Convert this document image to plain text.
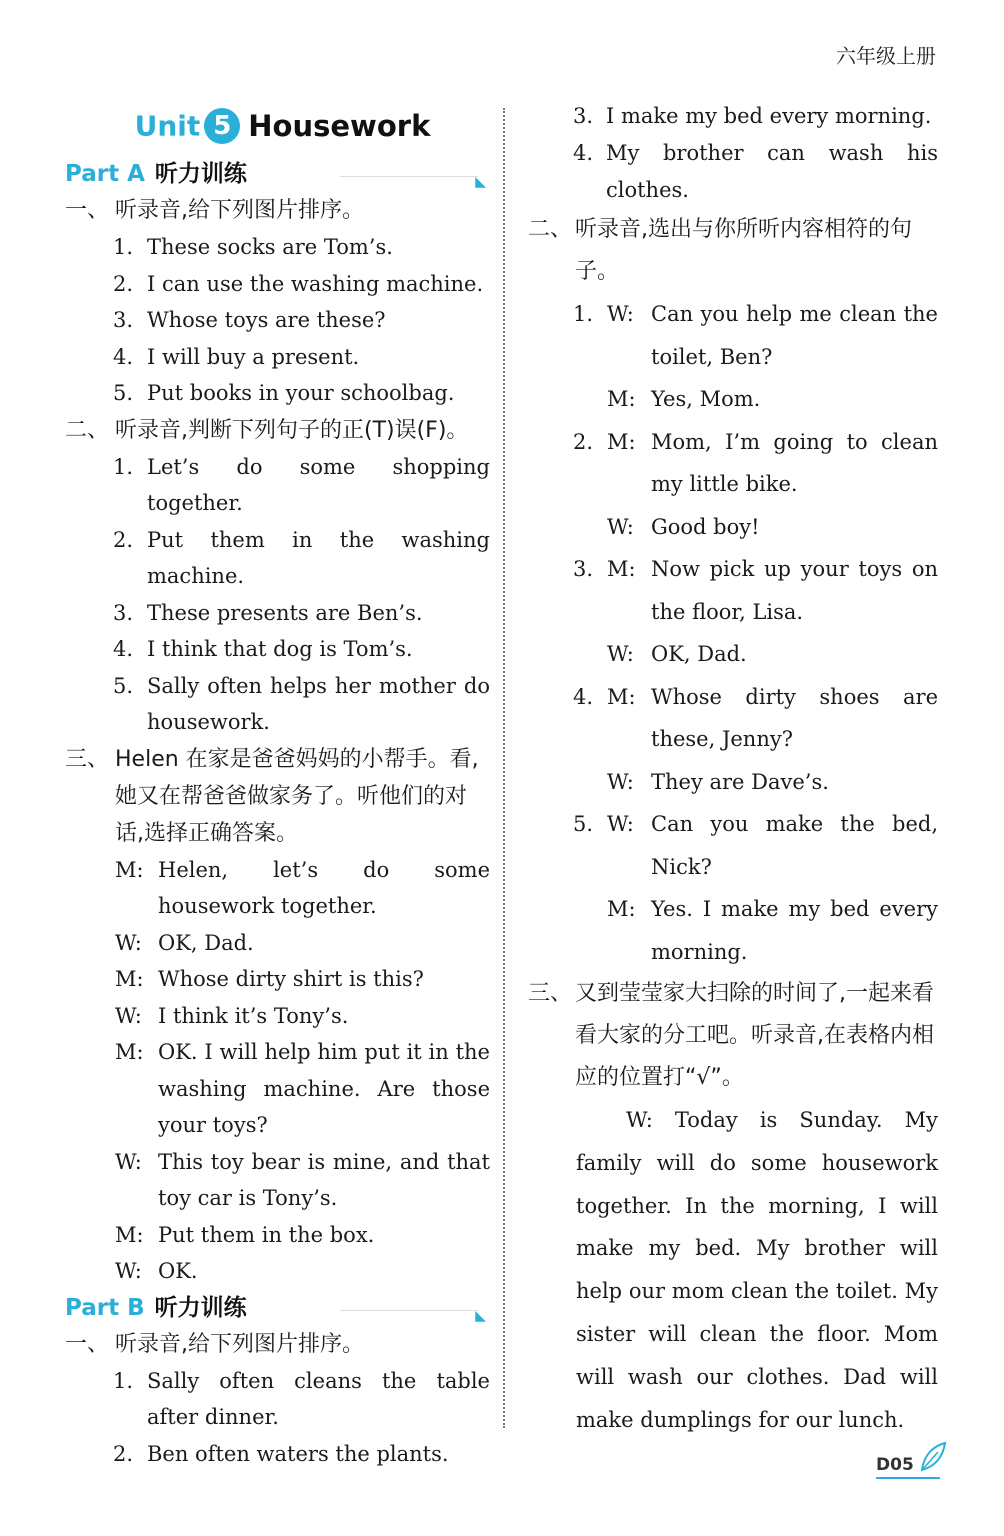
六年级上册
Unit 5 Housework
Part A 听力训练	◣
一、 听录音,给下列图片排序。
1. These socks are Tom’s.
2. I can use the washing machine.
3. Whose toys are these?
4. I will buy a present.
5. Put books in your schoolbag.
二、 听录音,判断下列句子的正(T)误(F)。
1. Let’s do some shopping together.
2. Put them in the washing machine.
3. These presents are Ben’s.
4. I think that dog is Tom’s.
5. Sally often helps her mother do housework.
三、 Helen 在家是爸爸妈妈的小帮手。看,她又在帮爸爸做家务了。听他们的对话,选择正确答案。
M: Helen, let’s do some housework together.
W: OK, Dad.
M: Whose dirty shirt is this?
W: I think it’s Tony’s.
M: OK. I will help him put it in the washing machine. Are those your toys?
W: This toy bear is mine, and that toy car is Tony’s.
M: Put them in the box.
W: OK.
Part B 听力训练	◣
一、 听录音,给下列图片排序。
1. Sally often cleans the table after dinner.
2. Ben often waters the plants.
3. I make my bed every morning.
4. My brother can wash his clothes.
二、 听录音,选出与你所听内容相符的句子。
1. W: Can you help me clean the toilet, Ben?
M: Yes, Mom.
2. M: Mom, I’m going to clean my little bike.
W: Good boy!
3. M: Now pick up your toys on the floor, Lisa.
W: OK, Dad.
4. M: Whose dirty shoes are these, Jenny?
W: They are Dave’s.
5. W: Can you make the bed, Nick?
M: Yes. I make my bed every morning.
三、 又到莹莹家大扫除的时间了,一起来看看大家的分工吧。听录音,在表格内相应的位置打“√”。

W: Today is Sunday. My family will do some housework together. In the morning, I will make my bed. My brother will help our mom clean the toilet. My sister will clean the floor. Mom will wash our clothes. Dad will make dumplings for our lunch.

D05
